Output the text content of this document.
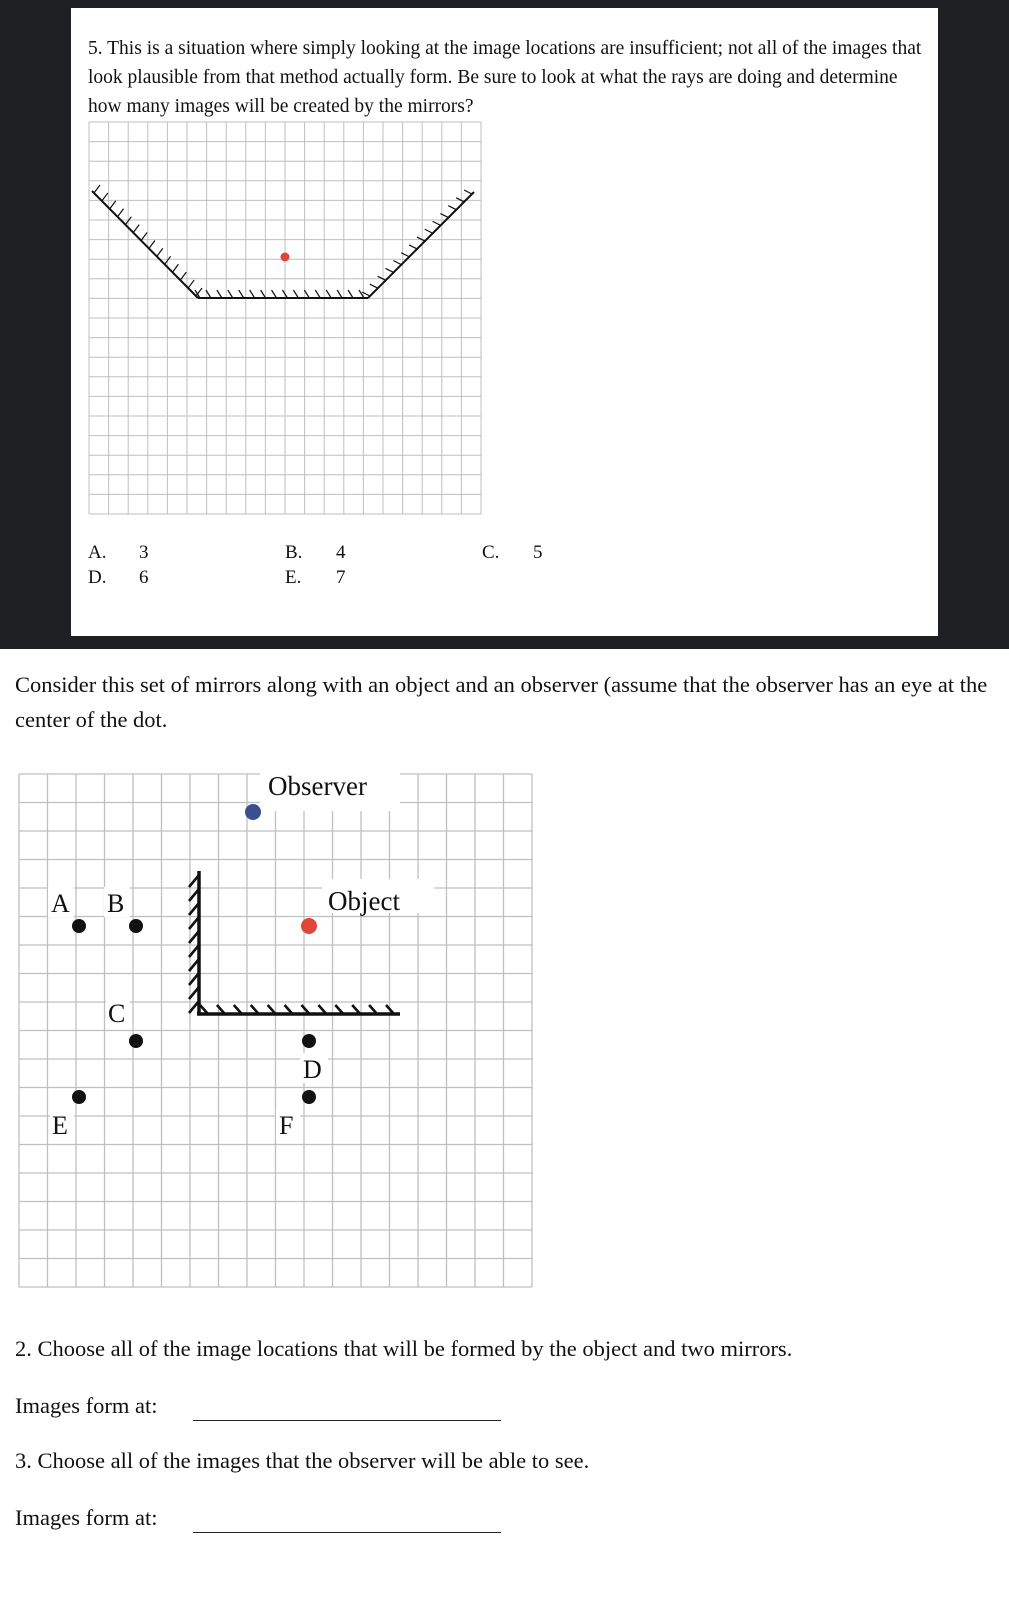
5. This is a situation where simply looking at the image locations are insufficient; not all of the images that look plausible from that method actually form. Be sure to look at what the rays are doing and determine how many images will be created by the mirrors?

A. 3	B. 4	C. 5
D. 6	E. 7

Consider this set of mirrors along with an object and an observer (assume that the observer has an eye at the center of the dot.

Observer
Object
A B
C
D
E	F

2. Choose all of the image locations that will be formed by the object and two mirrors.

Images form at:

3. Choose all of the images that the observer will be able to see.

Images form at:
